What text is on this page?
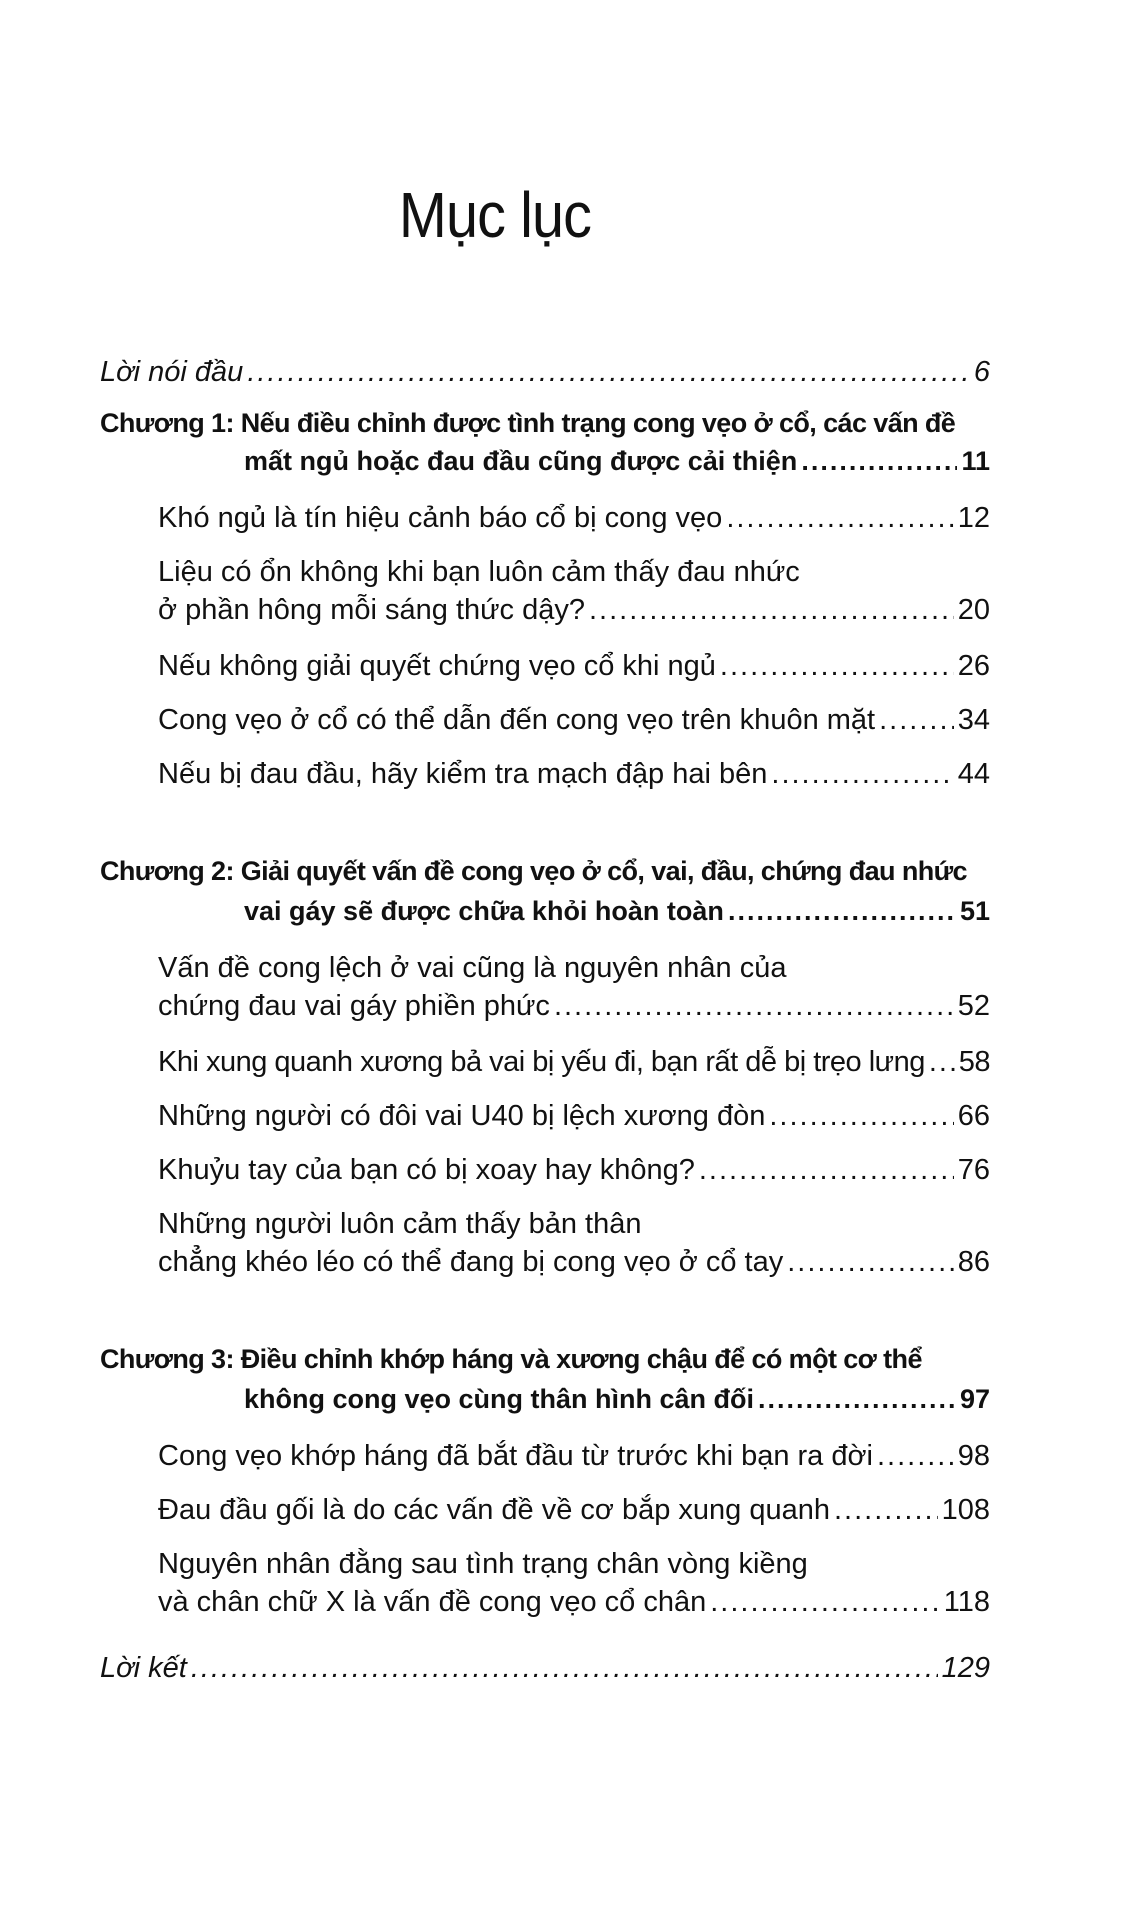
Mục lục
Lời nói đầu .....	6
Chương 1: Nếu điều chỉnh được tình trạng cong vẹo ở cổ, các vấn đề
mất ngủ hoặc đau đầu cũng được cải thiện .....	11
Khó ngủ là tín hiệu cảnh báo cổ bị cong vẹo .....	12
Liệu có ổn không khi bạn luôn cảm thấy đau nhức
ở phần hông mỗi sáng thức dậy? .....	20
Nếu không giải quyết chứng vẹo cổ khi ngủ .....	26
Cong vẹo ở cổ có thể dẫn đến cong vẹo trên khuôn mặt .....	34
Nếu bị đau đầu, hãy kiểm tra mạch đập hai bên .....	44
Chương 2: Giải quyết vấn đề cong vẹo ở cổ, vai, đầu, chứng đau nhức
vai gáy sẽ được chữa khỏi hoàn toàn .....	51
Vấn đề cong lệch ở vai cũng là nguyên nhân của
chứng đau vai gáy phiền phức .....	52
Khi xung quanh xương bả vai bị yếu đi, bạn rất dễ bị trẹo lưng ..... 58
Những người có đôi vai U40 bị lệch xương đòn .....	66
Khuỷu tay của bạn có bị xoay hay không? .....	76
Những người luôn cảm thấy bản thân
chẳng khéo léo có thể đang bị cong vẹo ở cổ tay .....	86
Chương 3: Điều chỉnh khớp háng và xương chậu để có một cơ thể
không cong vẹo cùng thân hình cân đối .....	97
Cong vẹo khớp háng đã bắt đầu từ trước khi bạn ra đời .....	98
Đau đầu gối là do các vấn đề về cơ bắp xung quanh .....	108
Nguyên nhân đằng sau tình trạng chân vòng kiềng
và chân chữ X là vấn đề cong vẹo cổ chân .....	118
Lời kết .....	129
